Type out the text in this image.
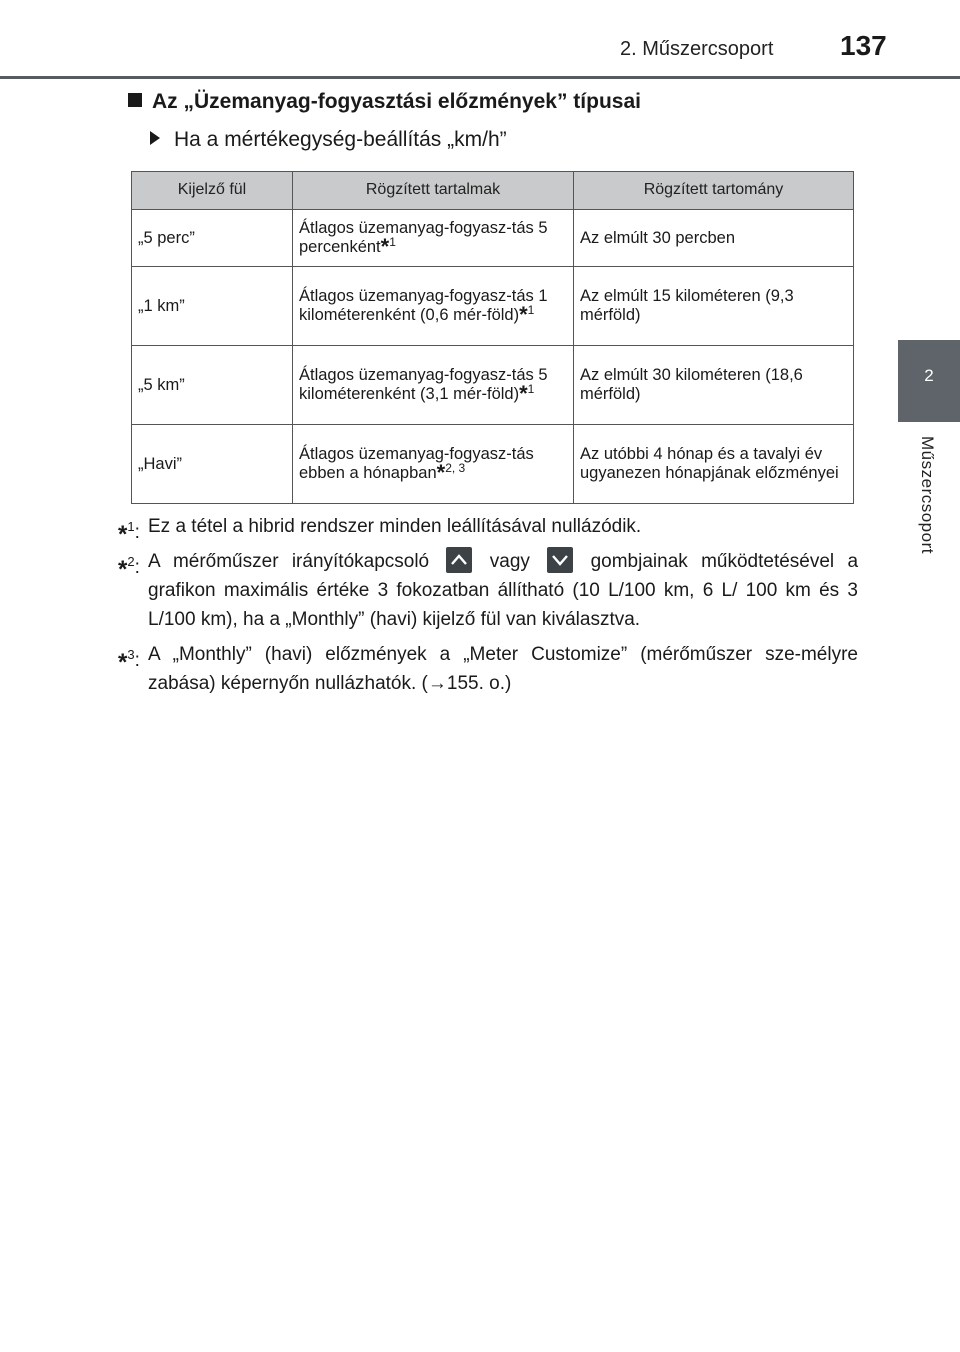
2. Műszercsoport 137
2
Műszercsoport
Az „Üzemanyag-fogyasztási előzmények” típusai
Ha a mértékegység-beállítás „km/h”
Kijelző fül	Rögzített tartalmak	Rögzített tartomány
„5 perc”	Átlagos üzemanyag-fogyasz-tás 5 percenként$^{*1}$	Az elmúlt 30 percben
„1 km”	Átlagos üzemanyag-fogyasz-tás 1 kilométerenként (0,6 mér-föld)$^{*1}$	Az elmúlt 15 kilométeren (9,3 mérföld)
„5 km”	Átlagos üzemanyag-fogyasz-tás 5 kilométerenként (3,1 mér-föld)$^{*1}$	Az elmúlt 30 kilométeren (18,6 mérföld)
„Havi”	Átlagos üzemanyag-fogyasz-tás ebben a hónapban$^{*2, 3}$	Az utóbbi 4 hónap és a tavalyi év ugyanezen hónapjának előzményei
*$^1$: Ez a tétel a hibrid rendszer minden leállításával nullázódik.
*$^2$: A mérőműszer irányítókapcsoló	vagy	gombjainak működtetésével a grafikon maximális értéke 3 fokozatban állítható (10 L/100 km, 6 L/ 100 km és 3 L/100 km), ha a „Monthly” (havi) kijelző fül van kiválasztva.
*$^3$: A „Monthly” (havi) előzmények a „Meter Customize” (mérőműszer sze-mélyre zabása) képernyőn nullázhatók. (→155. o.)
